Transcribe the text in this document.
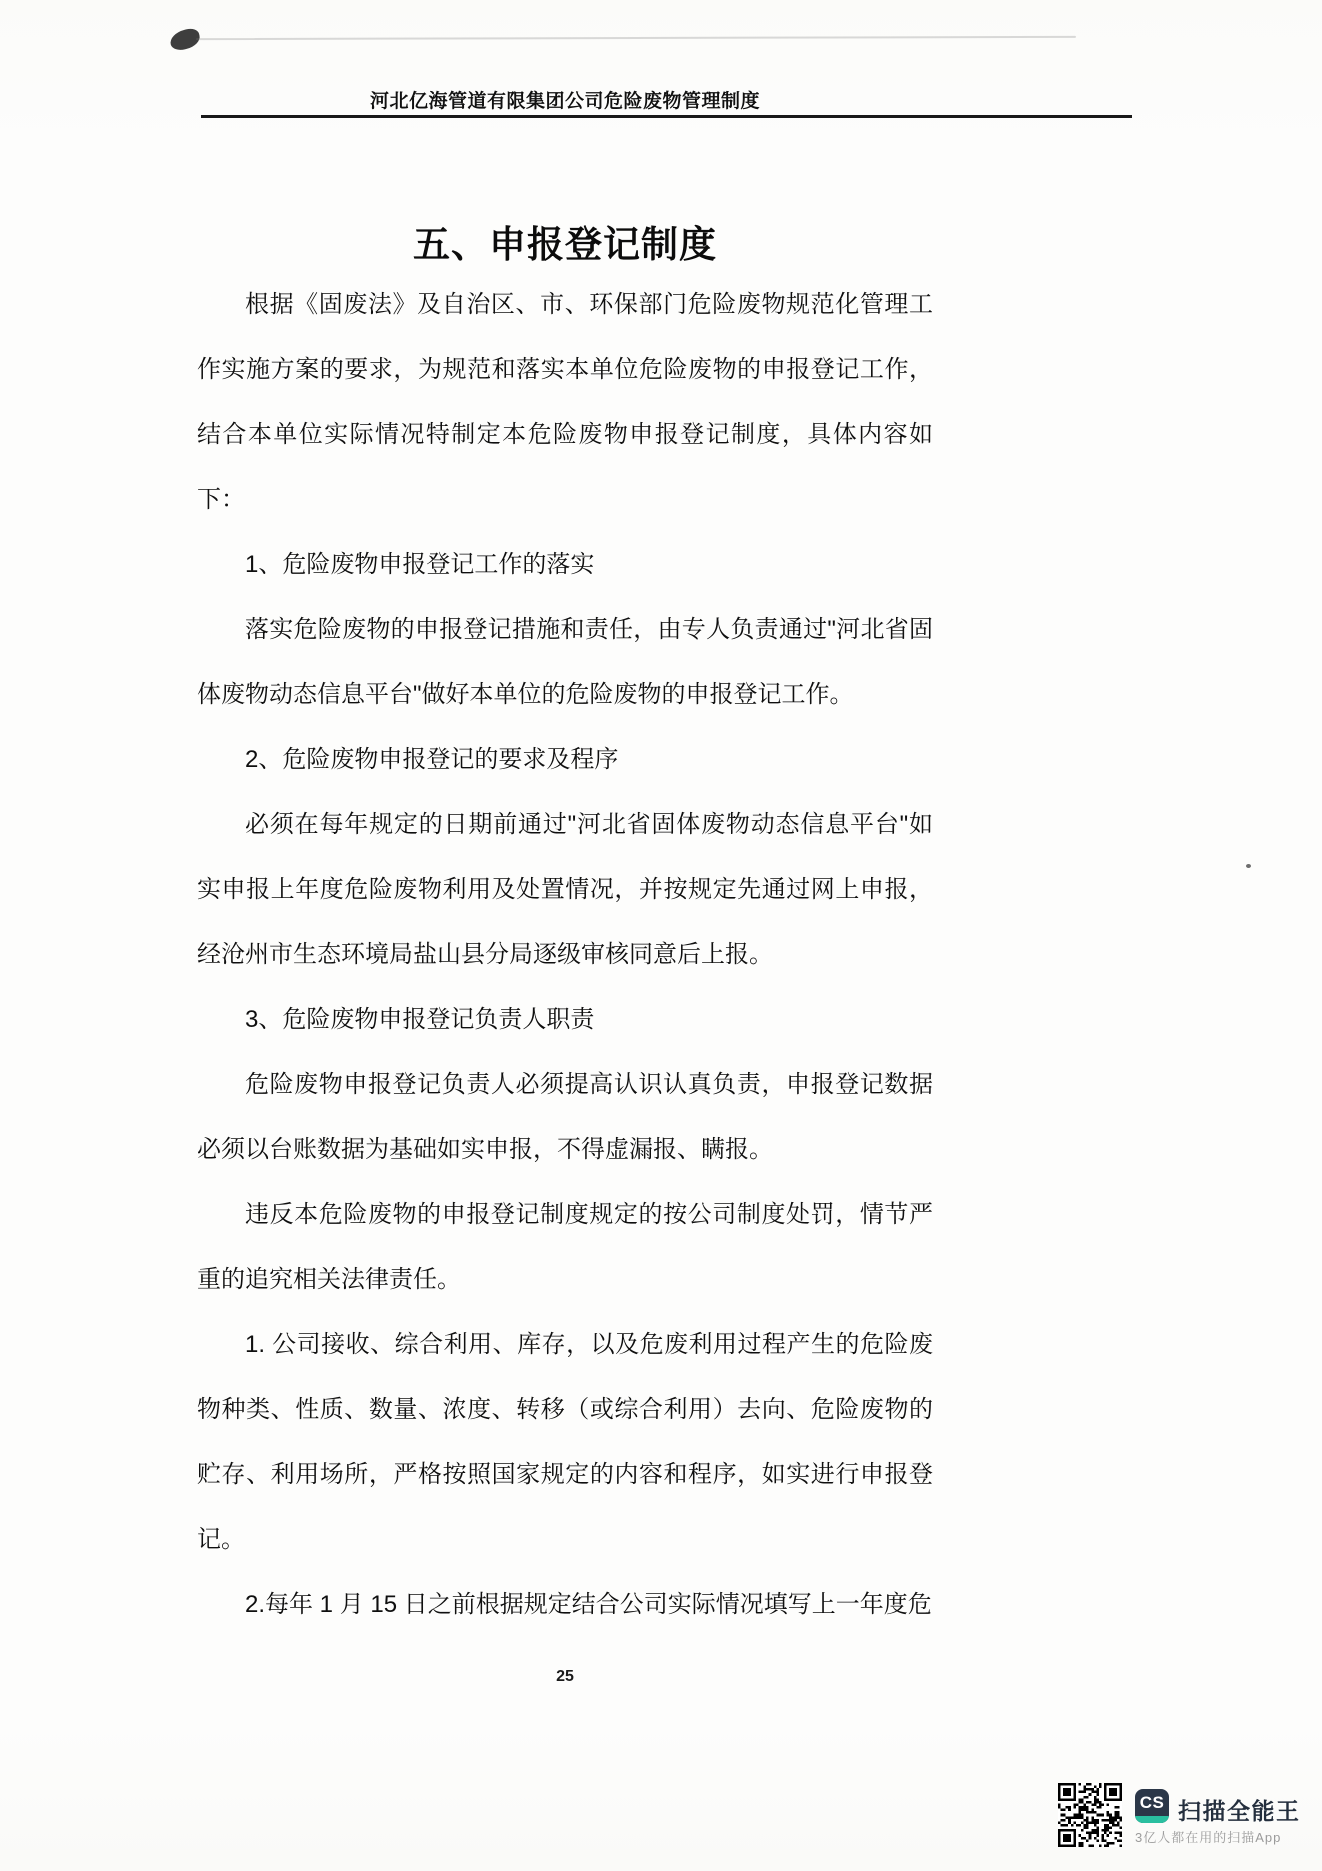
河北亿海管道有限集团公司危险废物管理制度
五、申报登记制度

根据《固废法》及自治区、市、环保部门危险废物规范化管理工作实施方案的要求，为规范和落实本单位危险废物的申报登记工作，结合本单位实际情况特制定本危险废物申报登记制度，具体内容如下：

1、危险废物申报登记工作的落实

落实危险废物的申报登记措施和责任，由专人负责通过"河北省固体废物动态信息平台"做好本单位的危险废物的申报登记工作。

2、危险废物申报登记的要求及程序

必须在每年规定的日期前通过"河北省固体废物动态信息平台"如实申报上年度危险废物利用及处置情况，并按规定先通过网上申报，经沧州市生态环境局盐山县分局逐级审核同意后上报。

3、危险废物申报登记负责人职责

危险废物申报登记负责人必须提高认识认真负责，申报登记数据必须以台账数据为基础如实申报，不得虚漏报、瞒报。

违反本危险废物的申报登记制度规定的按公司制度处罚，情节严重的追究相关法律责任。

1. 公司接收、综合利用、库存，以及危废利用过程产生的危险废物种类、性质、数量、浓度、转移（或综合利用）去向、危险废物的贮存、利用场所，严格按照国家规定的内容和程序，如实进行申报登记。

2.每年 1 月 15 日之前根据规定结合公司实际情况填写上一年度危

25
CS 扫描全能王
3亿人都在用的扫描App
